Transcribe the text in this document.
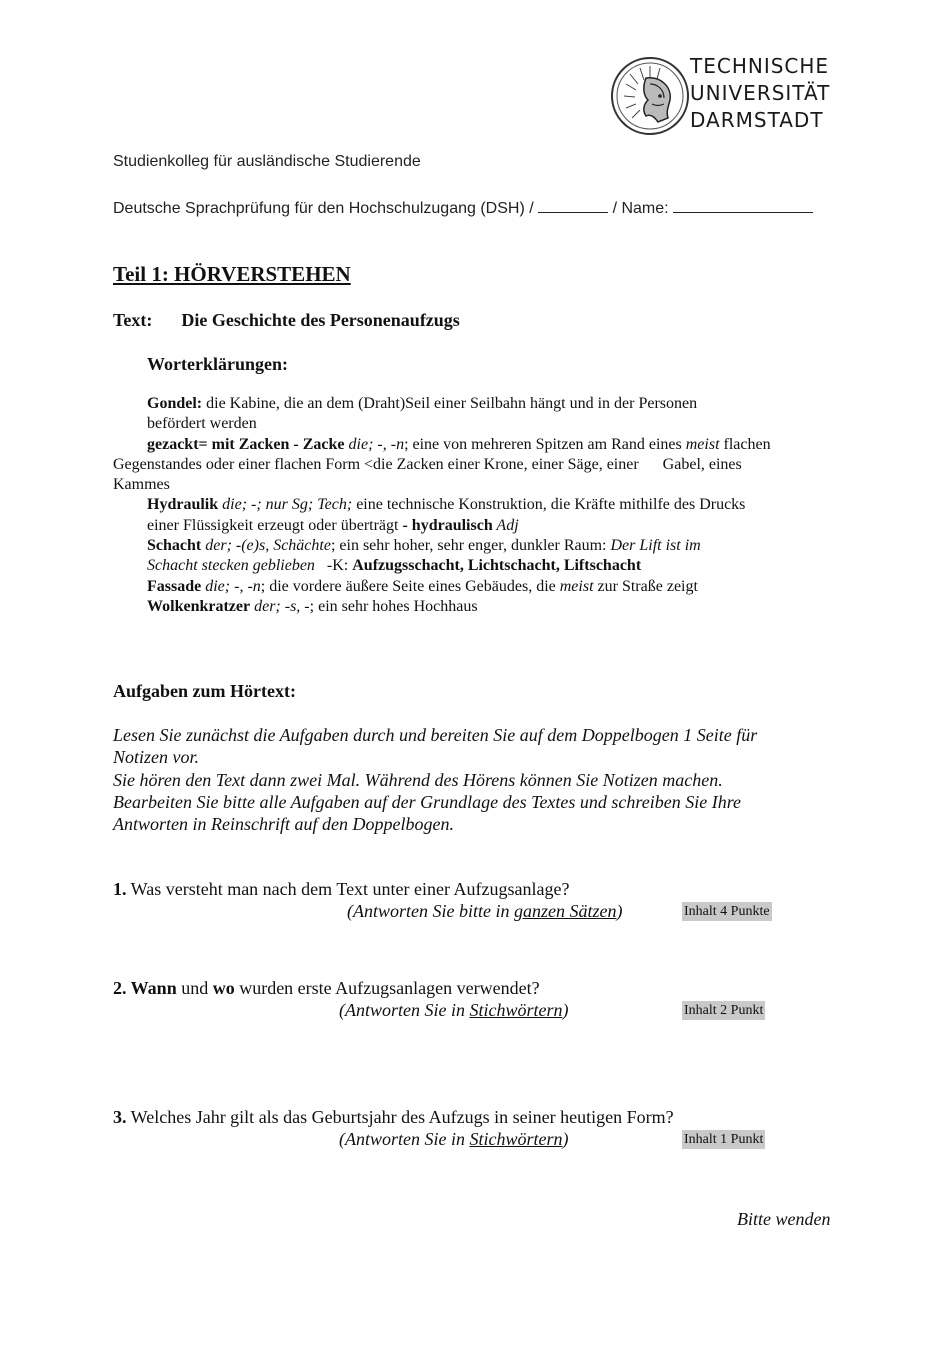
TECHNISCHE
UNIVERSITÄT
DARMSTADT
Studienkolleg für ausländische Studierende
Deutsche Sprachprüfung für den Hochschulzugang (DSH) /	/ Name:
Teil 1: HÖRVERSTEHEN
Text: Die Geschichte des Personenaufzugs
Worterklärungen:

Gondel: die Kabine, die an dem (Draht)Seil einer Seilbahn hängt und in der Personen
befördert werden

gezackt= mit Zacken - Zacke die; -, -n; eine von mehreren Spitzen am Rand eines meist flachen
Gegenstandes oder einer flachen Form <die Zacken einer Krone, einer Säge, einer      Gabel, eines
Kammes

Hydraulik die; -; nur Sg; Tech; eine technische Konstruktion, die Kräfte mithilfe des Drucks
einer Flüssigkeit erzeugt oder überträgt - hydraulisch Adj

Schacht der; -(e)s, Schächte; ein sehr hoher, sehr enger, dunkler Raum: Der Lift ist im
Schacht stecken geblieben   -K: Aufzugsschacht, Lichtschacht, Liftschacht

Fassade die; -, -n; die vordere äußere Seite eines Gebäudes, die meist zur Straße zeigt

Wolkenkratzer der; -s, -; ein sehr hohes Hochhaus

Aufgaben zum Hörtext:
Lesen Sie zunächst die Aufgaben durch und bereiten Sie auf dem Doppelbogen 1 Seite für
Notizen vor.
Sie hören den Text dann zwei Mal. Während des Hörens können Sie Notizen machen.
Bearbeiten Sie bitte alle Aufgaben auf der Grundlage des Textes und schreiben Sie Ihre
Antworten in Reinschrift auf den Doppelbogen.
1. Was versteht man nach dem Text unter einer Aufzugsanlage?
(Antworten Sie bitte in ganzen Sätzen)	Inhalt 4 Punkte
2. Wann und wo wurden erste Aufzugsanlagen verwendet?
(Antworten Sie in Stichwörtern)	Inhalt 2 Punkt
3. Welches Jahr gilt als das Geburtsjahr des Aufzugs in seiner heutigen Form?
(Antworten Sie in Stichwörtern)	Inhalt 1 Punkt
Bitte wenden
